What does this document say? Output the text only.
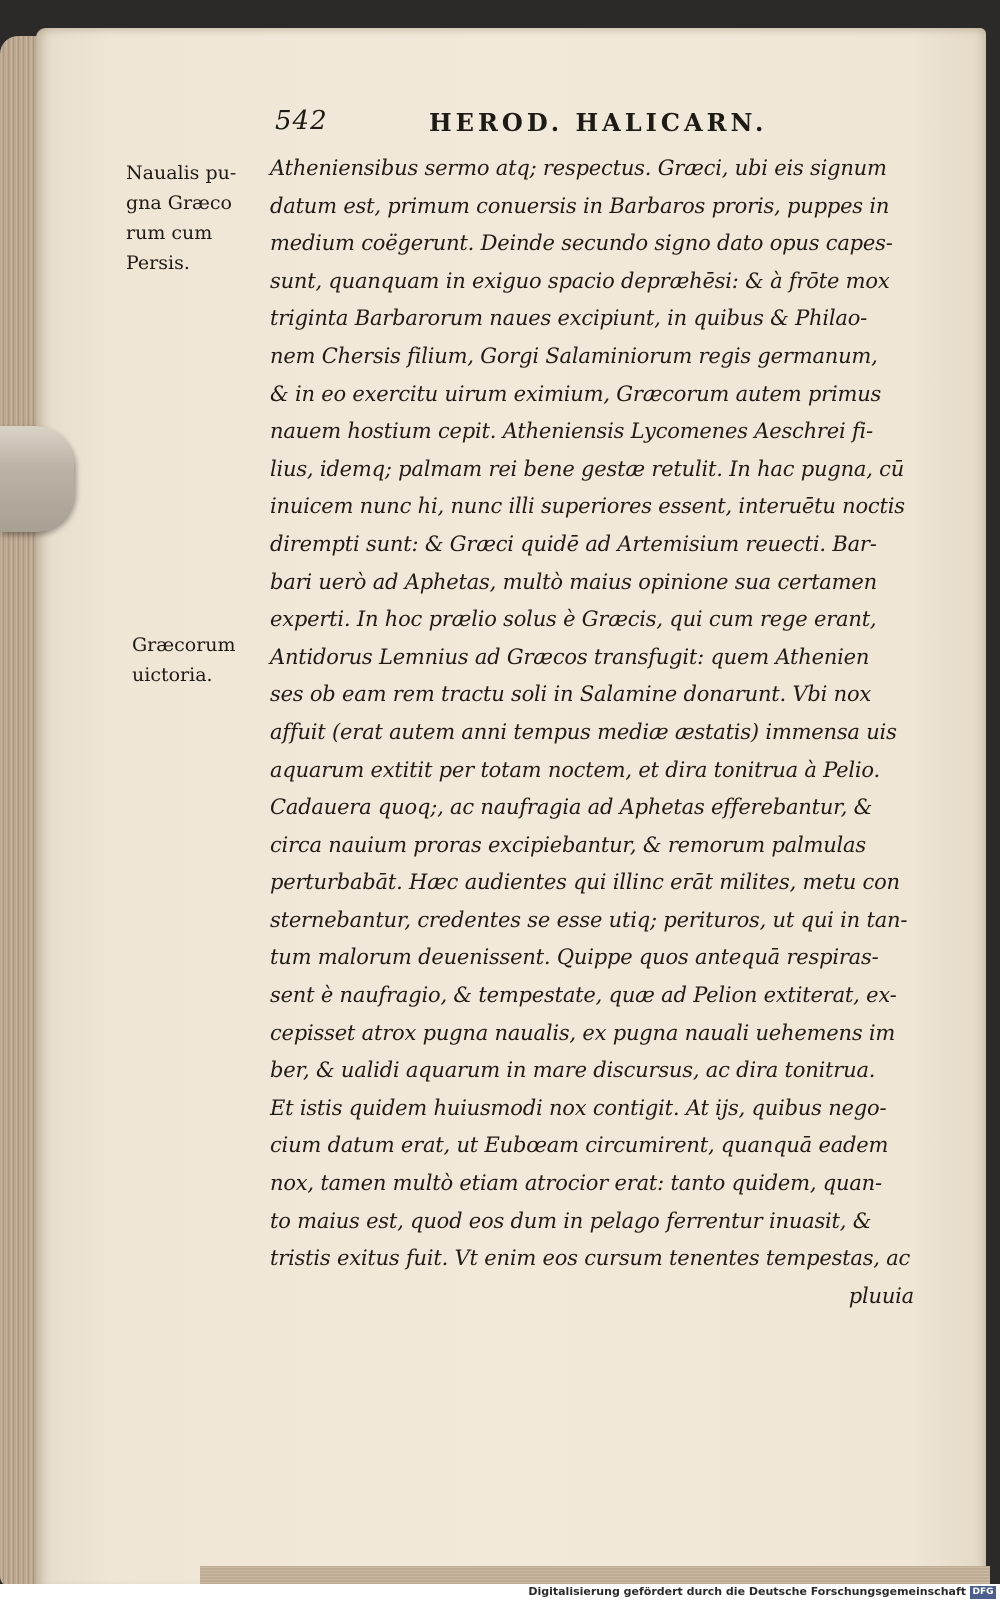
542	HEROD. HALICARN.
Naualis pu-
gna Græco
rum cum
Persis.
Græcorum
uictoria.
Atheniensibus sermo atq; respectus. Græci, ubi eis signum
datum est, primum conuersis in Barbaros proris, puppes in
medium coëgerunt. Deinde secundo signo dato opus capes-
sunt, quanquam in exiguo spacio depræhēsi: & à frōte mox
triginta Barbarorum naues excipiunt, in quibus & Philao-
nem Chersis filium, Gorgi Salaminiorum regis germanum,
& in eo exercitu uirum eximium, Græcorum autem primus
nauem hostium cepit. Atheniensis Lycomenes Aeschrei fi-
lius, idemq; palmam rei bene gestæ retulit. In hac pugna, cū
inuicem nunc hi, nunc illi superiores essent, interuētu noctis
dirempti sunt: & Græci quidē ad Artemisium reuecti. Bar-
bari uerò ad Aphetas, multò maius opinione sua certamen
experti. In hoc prælio solus è Græcis, qui cum rege erant,
Antidorus Lemnius ad Græcos transfugit: quem Athenien
ses ob eam rem tractu soli in Salamine donarunt. Vbi nox
affuit (erat autem anni tempus mediæ æstatis) immensa uis
aquarum extitit per totam noctem, et dira tonitrua à Pelio.
Cadauera quoq;, ac naufragia ad Aphetas efferebantur, &
circa nauium proras excipiebantur, & remorum palmulas
perturbabāt. Hæc audientes qui illinc erāt milites, metu con
sternebantur, credentes se esse utiq; perituros, ut qui in tan-
tum malorum deuenissent. Quippe quos antequā respiras-
sent è naufragio, & tempestate, quæ ad Pelion extiterat, ex-
cepisset atrox pugna naualis, ex pugna nauali uehemens im
ber, & ualidi aquarum in mare discursus, ac dira tonitrua.
Et istis quidem huiusmodi nox contigit. At ijs, quibus nego-
cium datum erat, ut Eubœam circumirent, quanquā eadem
nox, tamen multò etiam atrocior erat: tanto quidem, quan-
to maius est, quod eos dum in pelago ferrentur inuasit, &
tristis exitus fuit. Vt enim eos cursum tenentes tempestas, ac
pluuia
Digitalisierung gefördert durch die Deutsche Forschungsgemeinschaft DFG
